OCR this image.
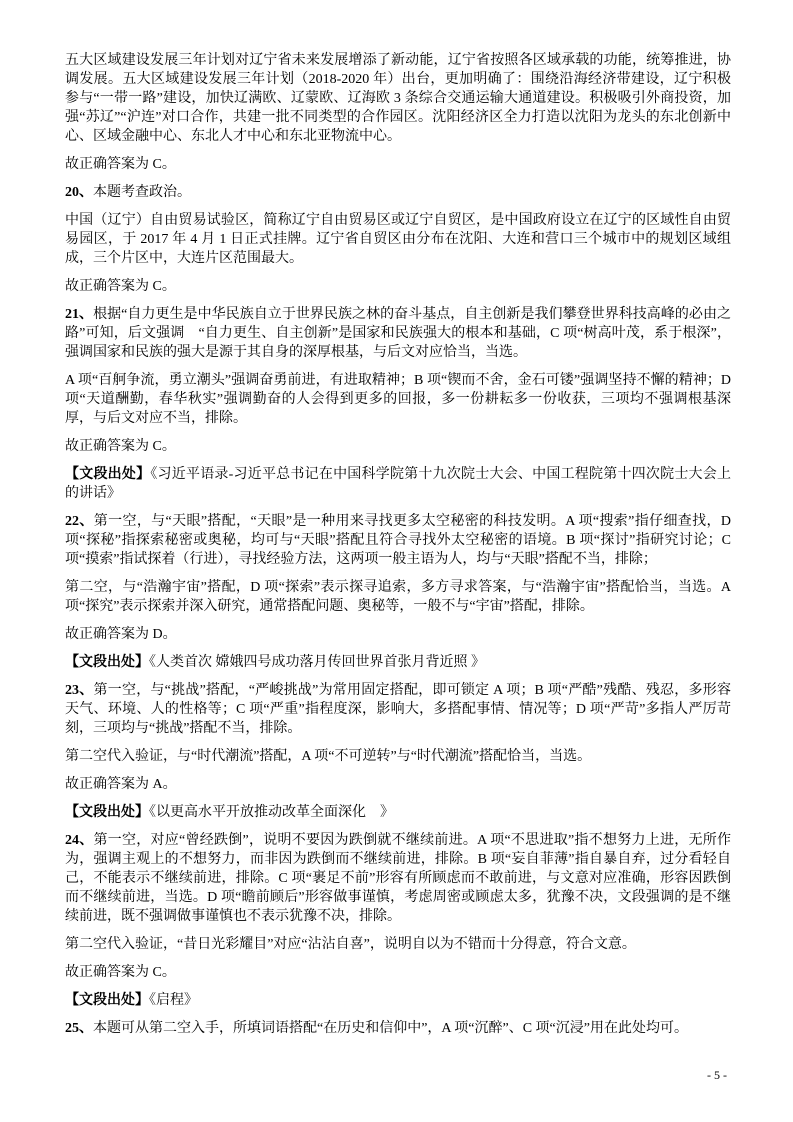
五大区域建设发展三年计划对辽宁省未来发展增添了新动能，辽宁省按照各区域承载的功能，统筹推进，协调发展。五大区域建设发展三年计划（2018-2020 年）出台，更加明确了：围绕沿海经济带建设，辽宁积极参与“一带一路”建设，加快辽满欧、辽蒙欧、辽海欧 3 条综合交通运输大通道建设。积极吸引外商投资，加强“苏辽”“沪连”对口合作，共建一批不同类型的合作园区。沈阳经济区全力打造以沈阳为龙头的东北创新中心、区域金融中心、东北人才中心和东北亚物流中心。

故正确答案为 C。

20、本题考查政治。

中国（辽宁）自由贸易试验区，简称辽宁自由贸易区或辽宁自贸区，是中国政府设立在辽宁的区域性自由贸易园区，于 2017 年 4 月 1 日正式挂牌。辽宁省自贸区由分布在沈阳、大连和营口三个城市中的规划区域组成，三个片区中，大连片区范围最大。

故正确答案为 C。

21、根据“自力更生是中华民族自立于世界民族之林的奋斗基点，自主创新是我们攀登世界科技高峰的必由之路”可知，后文强调　“自力更生、自主创新”是国家和民族强大的根本和基础，C 项“树高叶茂，系于根深”，强调国家和民族的强大是源于其自身的深厚根基，与后文对应恰当，当选。

A 项“百舸争流，勇立潮头”强调奋勇前进，有进取精神；B 项“锲而不舍，金石可镂”强调坚持不懈的精神；D 项“天道酬勤，春华秋实”强调勤奋的人会得到更多的回报，多一份耕耘多一份收获，三项均不强调根基深厚，与后文对应不当，排除。

故正确答案为 C。

【文段出处】《习近平语录-习近平总书记在中国科学院第十九次院士大会、中国工程院第十四次院士大会上的讲话》

22、第一空，与“天眼”搭配，“天眼”是一种用来寻找更多太空秘密的科技发明。A 项“搜索”指仔细查找，D 项“探秘”指探索秘密或奥秘，均可与“天眼”搭配且符合寻找外太空秘密的语境。B 项“探讨”指研究讨论；C 项“摸索”指试探着（行进），寻找经验方法，这两项一般主语为人，均与“天眼”搭配不当，排除；

第二空，与“浩瀚宇宙”搭配，D 项“探索”表示探寻追索，多方寻求答案，与“浩瀚宇宙”搭配恰当，当选。A 项“探究”表示探索并深入研究，通常搭配问题、奥秘等，一般不与“宇宙”搭配，排除。

故正确答案为 D。

【文段出处】《人类首次 嫦娥四号成功落月传回世界首张月背近照 》

23、第一空，与“挑战”搭配，“严峻挑战”为常用固定搭配，即可锁定 A 项；B 项“严酷”残酷、残忍，多形容天气、环境、人的性格等；C 项“严重”指程度深，影响大，多搭配事情、情况等；D 项“严苛”多指人严厉苛刻，三项均与“挑战”搭配不当，排除。

第二空代入验证，与“时代潮流”搭配，A 项“不可逆转”与“时代潮流”搭配恰当，当选。

故正确答案为 A。

【文段出处】《以更高水平开放推动改革全面深化　》

24、第一空，对应“曾经跌倒”，说明不要因为跌倒就不继续前进。A 项“不思进取”指不想努力上进，无所作为，强调主观上的不想努力，而非因为跌倒而不继续前进，排除。B 项“妄自菲薄”指自暴自弃，过分看轻自己，不能表示不继续前进，排除。C 项“裹足不前”形容有所顾虑而不敢前进，与文意对应准确，形容因跌倒而不继续前进，当选。D 项“瞻前顾后”形容做事谨慎，考虑周密或顾虑太多，犹豫不决，文段强调的是不继续前进，既不强调做事谨慎也不表示犹豫不决，排除。

第二空代入验证，“昔日光彩耀目”对应“沾沾自喜”，说明自以为不错而十分得意，符合文意。

故正确答案为 C。

【文段出处】《启程》

25、本题可从第二空入手，所填词语搭配“在历史和信仰中”，A 项“沉醉”、C 项“沉浸”用在此处均可。

- 5 -
